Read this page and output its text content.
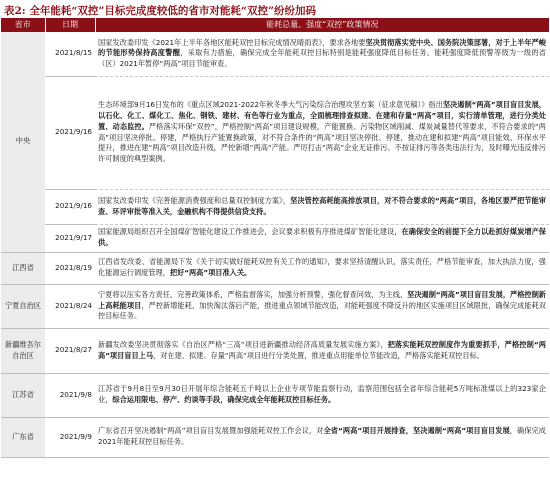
表2: 全年能耗“双控”目标完成度较低的省市对能耗“双控”纷纷加码
省市	日期	能耗总量、强度“双控”政策情况
中央	2021/8/15	国家发改委印发《2021年上半年各地区能耗双控目标完成情况晴雨表》，要求各地要坚决贯彻落实党中央、国务院决策部署，对于上半年严峻的节能形势保持高度警醒，采取有力措施，确保完成全年能耗双控目标特别是能耗强度降低目标任务。能耗强度降低预警等级为一级的省（区）2021年暂停“两高”项目节能审查。
	2021/9/16	生态环境部9月16日发布的《重点区域2021-2022年秋冬季大气污染综合治理攻坚方案（征求意见稿）》指出坚决遏制“两高”项目盲目发展，以石化、化工、煤化工、焦化、钢铁、建材、有色等行业为重点，全面梳理排查拟建、在建和存量“两高”项目，实行清单管理，进行分类处置、动态监控。严格落实环保“双控”，严格控制“两高”项目建设规模，产能置换、污染物区域削减、煤炭减量替代等要求，不符合要求的“两高”项目坚决停批、停建，严格执行产能置换政策，对不符合条件的“两高”项目坚决停批、停建，推动在建和拟建“两高”项目能效、环保水平提升，推进在建“两高”项目改造升级，严控新增“两高”产能。严厉打击“两高”企业无证排污、不按证排污等各类违法行为，及时曝光违反排污许可制度的典型案例。
	2021/9/16	国家发改委印发《完善能源消费强度和总量双控制度方案》，坚决管控高耗能高排放项目，对不符合要求的“两高”项目，各地区要严把节能审查、环评审批等准入关，金融机构不得提供信贷支持。
	2021/9/17	国家能源局组织召开全国煤矿智能化建设工作推进会，会议要求积极有序推进煤矿智能化建设，在确保安全的前提下全力以赴抓好煤炭增产保供。
江西省	2021/8/19	江西省发改委、省能源局下发《关于切实做好能耗双控有关工作的通知》，要求坚持清醒认识，落实责任，严格节能审查，加大执法力度，强化能源运行调度管理，把好“两高”项目准入关。
宁夏自治区	2021/8/24	宁夏将以压实各方责任，完善政策体系，严格监督落实，加强分析预警，强化督查问效，为主线，坚决遏制“两高”项目盲目发展，严格控制新上高耗能项目，严控新增能耗，加快淘汰落后产能，推进重点领域节能改造，对能耗强度不降反升的地区实施项目区域限批，确保完成能耗双控目标任务。
新疆维吾尔自治区	2021/8/27	新疆发改委坚决贯彻落实《自治区严格“三高”项目进新疆推动经济高质量发展实施方案》，把落实能耗双控制度作为重要抓手，严格控制“两高”项目盲目上马，对在建、拟建、存量“两高”项目进行分类处置，推进重点用能单位节能改造，严格落实能耗双控目标。
江苏省	2021/9/8	江苏省于9月8日至9月30日开展年综合能耗五千吨以上企业专项节能监察行动，监察范围包括全省年综合能耗5万吨标准煤以上的323家企业，综合运用限电、停产、约谈等手段，确保完成全年能耗双控目标任务。
广东省	2021/9/9	广东省召开坚决遏制“两高”项目盲目发展暨加强能耗双控工作会议，对全省“两高”项目开展排查，坚决遏制“两高”项目盲目发展，确保完成2021年能耗双控目标任务。
